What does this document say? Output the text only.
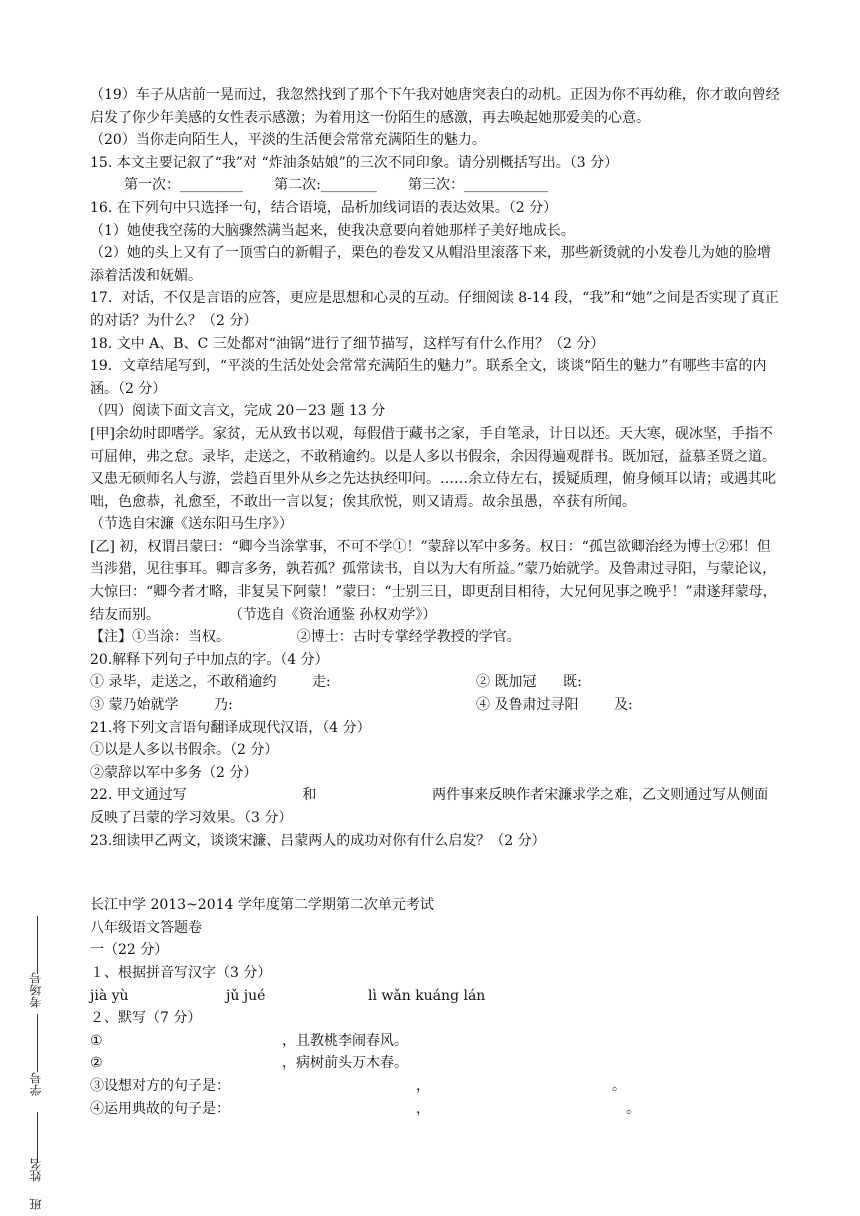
（19）车子从店前一晃而过，我忽然找到了那个下午我对她唐突表白的动机。正因为你不再幼稚，你才敢向曾经启发了你少年美感的女性表示感激；为着用这一份陌生的感激，再去唤起她那爱美的心意。
（20）当你走向陌生人，平淡的生活便会常常充满陌生的魅力。
15. 本文主要记叙了“我”对 “炸油条姑娘”的三次不同印象。请分别概括写出。（3 分）
第一次：_________       第二次:________       第三次：____________
16. 在下列句中只选择一句，结合语境，品析加线词语的表达效果。（2 分）
（1）她使我空荡的大脑骤然满当起来，使我决意要向着她那样子美好地成长。
（2）她的头上又有了一顶雪白的新帽子，栗色的卷发又从帽沿里滚落下来，那些新烫就的小发卷儿为她的脸增添着活泼和妩媚。
17．对话，不仅是言语的应答，更应是思想和心灵的互动。仔细阅读 8-14 段，“我”和“她”之间是否实现了真正的对话？为什么？（2 分）
18. 文中 A、B、C 三处都对“油锅”进行了细节描写，这样写有什么作用？（2 分）
19．文章结尾写到，“平淡的生活处处会常常充满陌生的魅力”。联系全文，谈谈“陌生的魅力”有哪些丰富的内涵。（2 分）
（四）阅读下面文言文，完成 20－23 题 13 分
[甲]余幼时即嗜学。家贫，无从致书以观，每假借于藏书之家，手自笔录，计日以还。天大寒，砚冰坚，手指不可屈伸，弗之怠。录毕，走送之，不敢稍逾约。以是人多以书假余，余因得遍观群书。既加冠，益慕圣贤之道。又患无硕师名人与游，尝趋百里外从乡之先达执经叩问。……余立侍左右，援疑质理，俯身倾耳以请；或遇其叱咄，色愈恭，礼愈至，不敢出一言以复；俟其欣悦，则又请焉。故余虽愚，卒获有所闻。  （节选自宋濂《送东阳马生序》）
[乙] 初，权谓吕蒙曰：“卿今当涂掌事，不可不学①！”蒙辞以军中多务。权日：“孤岂欲卿治经为博士②邪！但当涉猎，见往事耳。卿言多务，孰若孤？孤常读书，自以为大有所益。”蒙乃始就学。及鲁肃过寻阳，与蒙论议，大惊曰：“卿今者才略，非复吴下阿蒙！”蒙曰：“士别三日，即更刮目相待，大兄何见事之晚乎！”肃遂拜蒙母，结友而别。	（节选自《资治通鉴 孙权劝学》）
【注】①当涂：当权。               ②博士：古时专掌经学教授的学官。
20.解释下列句子中加点的字。（4 分）
① 录毕，走送之，不敢稍逾约        走:	② 既加冠      既:
③ 蒙乃始就学        乃:	④ 及鲁肃过寻阳        及:
21.将下列文言语句翻译成现代汉语，（4 分）
①以是人多以书假余。（2 分）
②蒙辞以军中多务（2 分）
22. 甲文通过写                          和                          两件事来反映作者宋濂求学之难，乙文则通过写从侧面反映了吕蒙的学习效果。（3 分）
23.细读甲乙两文，谈谈宋濂、吕蒙两人的成功对你有什么启发？（2 分）
长江中学 2013~2014 学年度第二学期第二次单元考试
八年级语文答题卷
一（22 分）
１、根据拼音写汉字（3 分）
jià yù	jǔ jué	lì wǎn kuáng lán
２、默写（7 分）
①	，且教桃李闹春风。
②	，病树前头万木春。
③设想对方的句子是：	，	。
④运用典故的句子是：	，	。
考场号
学号
姓名
班
